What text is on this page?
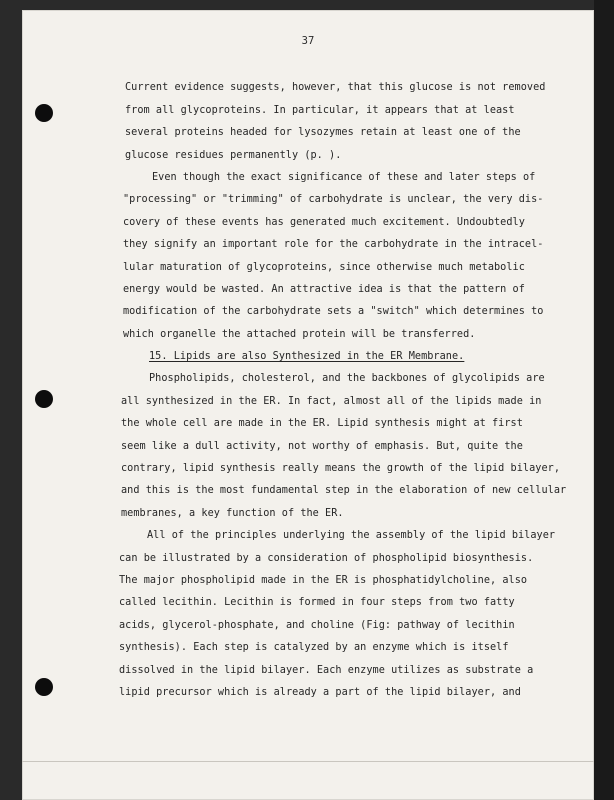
37
Current evidence suggests, however, that this glucose is not removed
from all glycoproteins. In particular, it appears that at least
several proteins headed for lysozymes retain at least one of the
glucose residues permanently (p. ).
Even though the exact significance of these and later steps of
"processing" or "trimming" of carbohydrate is unclear, the very dis-
covery of these events has generated much excitement. Undoubtedly
they signify an important role for the carbohydrate in the intracel-
lular maturation of glycoproteins, since otherwise much metabolic
energy would be wasted. An attractive idea is that the pattern of
modification of the carbohydrate sets a "switch" which determines to
which organelle the attached protein will be transferred.
15. Lipids are also Synthesized in the ER Membrane.
Phospholipids, cholesterol, and the backbones of glycolipids are
all synthesized in the ER. In fact, almost all of the lipids made in
the whole cell are made in the ER. Lipid synthesis might at first
seem like a dull activity, not worthy of emphasis. But, quite the
contrary, lipid synthesis really means the growth of the lipid bilayer,
and this is the most fundamental step in the elaboration of new cellular
membranes, a key function of the ER.
All of the principles underlying the assembly of the lipid bilayer
can be illustrated by a consideration of phospholipid biosynthesis.
The major phospholipid made in the ER is phosphatidylcholine, also
called lecithin. Lecithin is formed in four steps from two fatty
acids, glycerol-phosphate, and choline (Fig: pathway of lecithin
synthesis). Each step is catalyzed by an enzyme which is itself
dissolved in the lipid bilayer. Each enzyme utilizes as substrate a
lipid precursor which is already a part of the lipid bilayer, and
